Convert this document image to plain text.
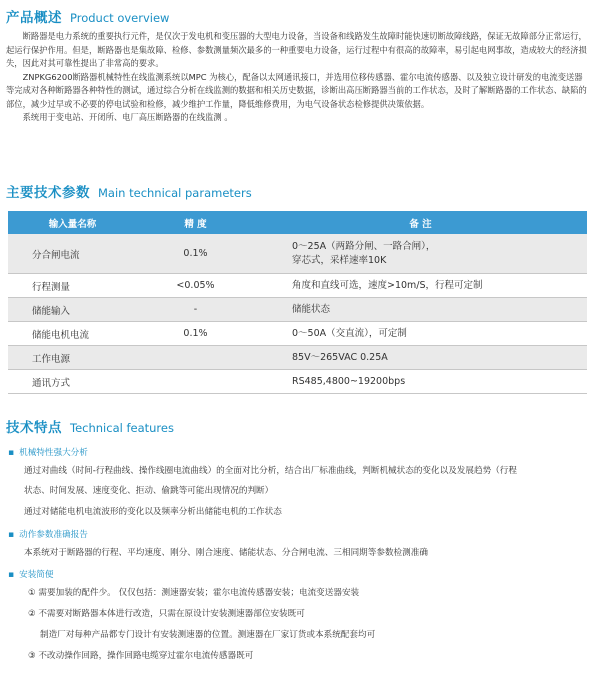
产品概述 Product overview

断路器是电力系统的重要执行元件，是仅次于发电机和变压器的大型电力设备，当设备和线路发生故障时能快速切断故障线路，保证无故障部分正常运行，起运行保护作用。但是，断路器也是集故障、检修、参数测量频次最多的一种重要电力设备，运行过程中有很高的故障率，易引起电网事故，造成较大的经济损失，因此对其可靠性提出了非常高的要求。

ZNPKG6200断路器机械特性在线监测系统以MPC 为核心，配备以太网通讯接口，并选用位移传感器、霍尔电流传感器、以及独立设计研发的电流变送器等完成对各种断路器各种特性的测试，通过综合分析在线监测的数据和相关历史数据，诊断出高压断路器当前的工作状态，及时了解断路器的工作状态、缺陷的部位，减少过早或不必要的停电试验和检修，减少维护工作量，降低维修费用，为电气设备状态检修提供决策依据。

系统用于变电站、开闭所、电厂高压断路器的在线监测 。

主要技术参数 Main technical parameters
输入量名称	精 度	备 注
分合闸电流	0.1%	0～25A（两路分闸、一路合闸），
穿芯式，采样速率10K
行程测量	<0.05%	角度和直线可选，速度>10m/S，行程可定制
储能输入	-	储能状态
储能电机电流	0.1%	0～50A（交直流），可定制
工作电源		85V～265VAC 0.25A
通讯方式		RS485,4800~19200bps
技术特点 Technical features
▪ 机械特性强大分析
通过对曲线（时间-行程曲线、操作线圈电流曲线）的全面对比分析，结合出厂标准曲线，判断机械状态的变化以及发展趋势（行程
状态、时间发展、速度变化、拒动、偷跳等可能出现情况的判断）
通过对储能电机电流波形的变化以及频率分析出储能电机的工作状态
▪ 动作参数准确报告
本系统对于断路器的行程、平均速度、刚分、刚合速度、储能状态、分合闸电流、三相同期等参数检测准确
▪ 安装简便
① 需要加装的配件少。 仅仅包括：测速器安装；霍尔电流传感器安装；电流变送器安装
② 不需要对断路器本体进行改造，只需在原设计安装测速器部位安装既可
制造厂对每种产品都专门设计有安装测速器的位置。测速器在厂家订货或本系统配套均可
③ 不改动操作回路，操作回路电缆穿过霍尔电流传感器既可
